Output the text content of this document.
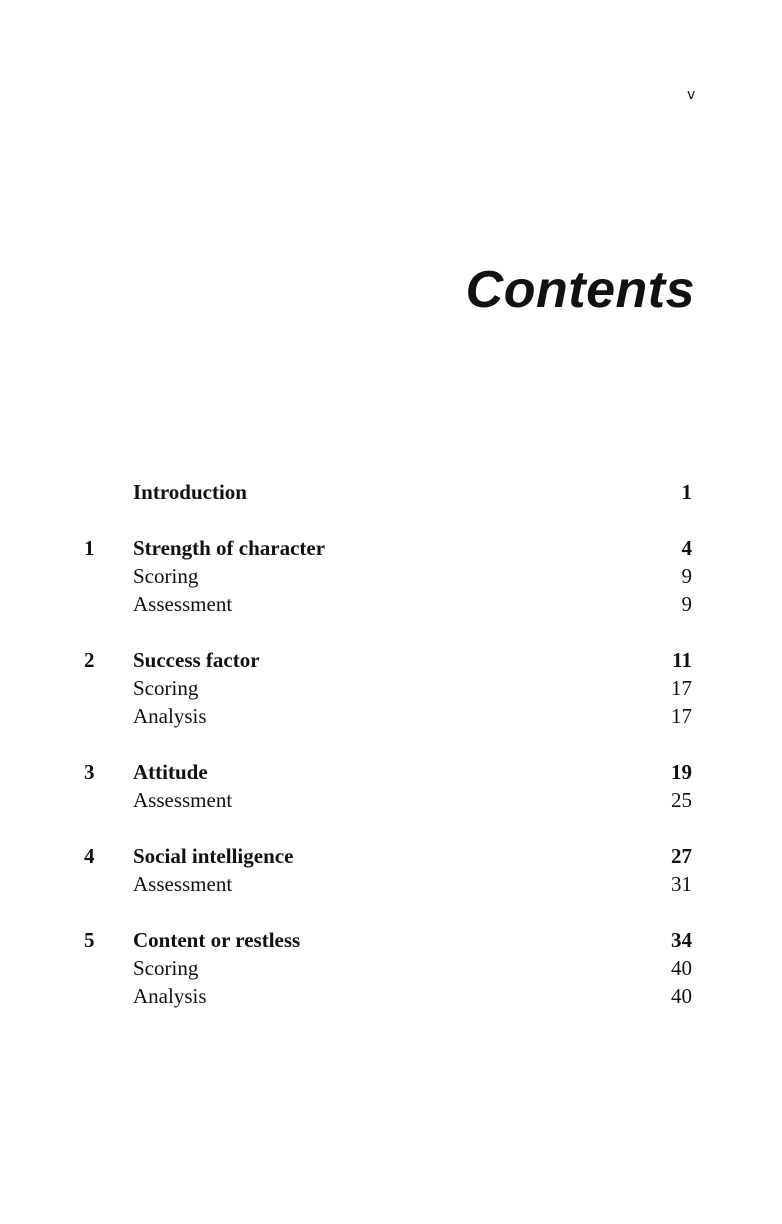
v
Contents
Introduction	1
1 Strength of character	4
Scoring	9
Assessment	9
2 Success factor	11
Scoring	17
Analysis	17
3 Attitude	19
Assessment	25
4 Social intelligence	27
Assessment	31
5 Content or restless	34
Scoring	40
Analysis	40
